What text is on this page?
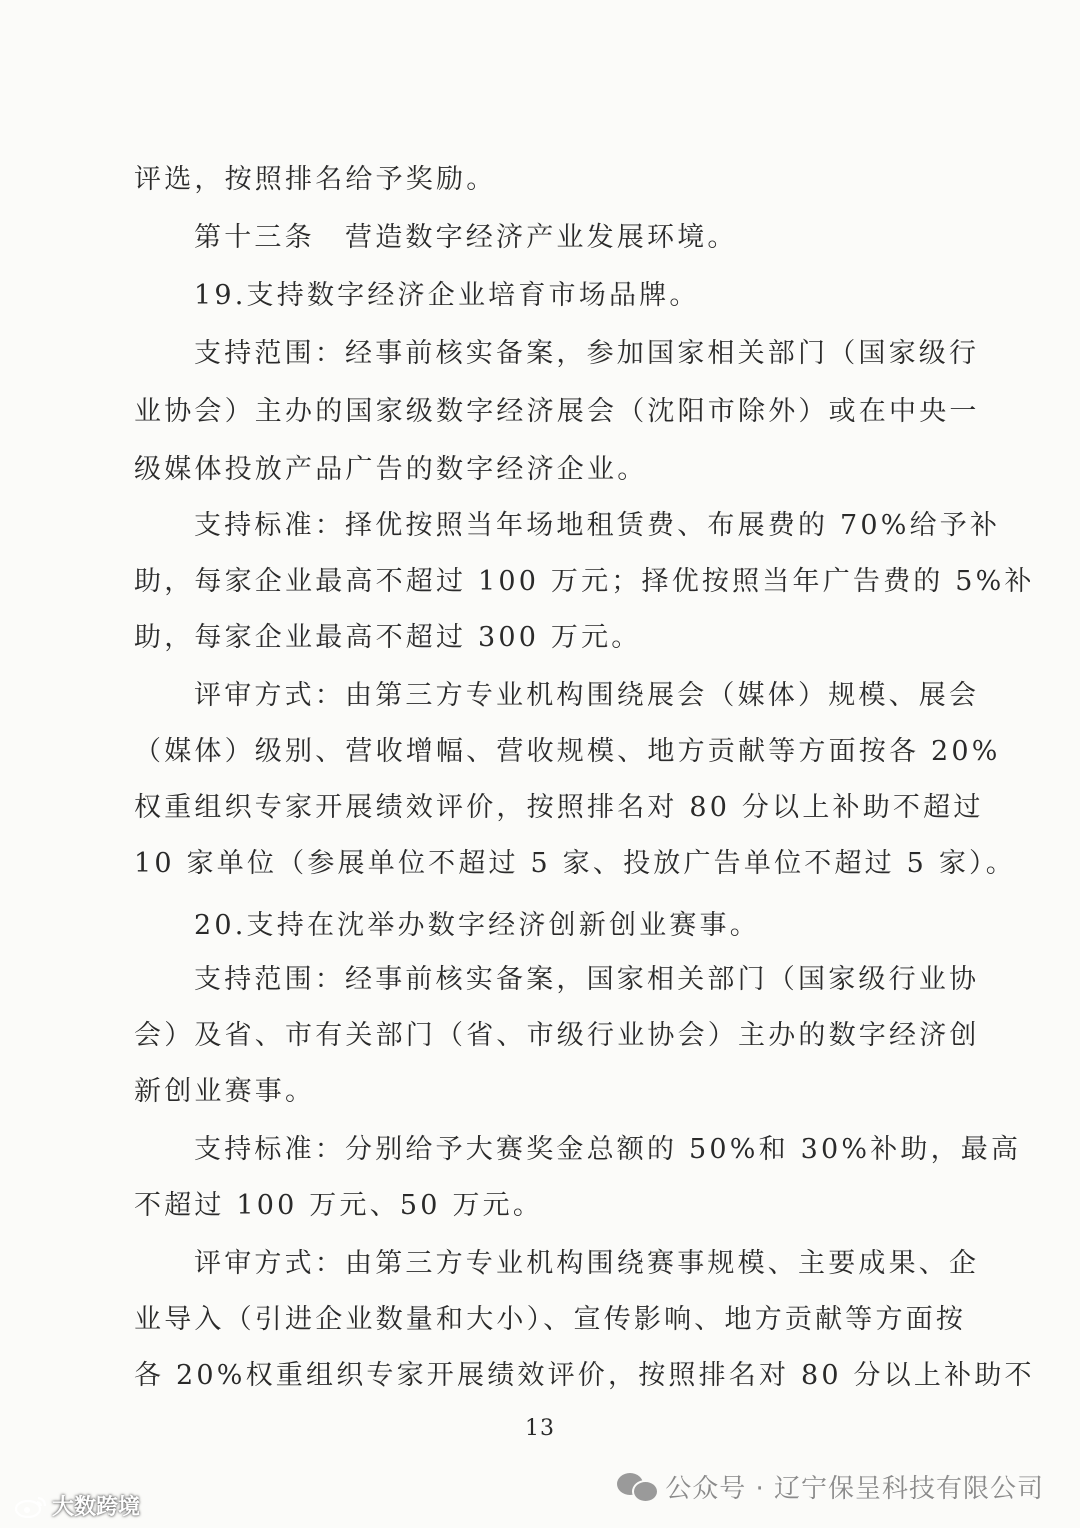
评选，按照排名给予奖励。
第十三条　营造数字经济产业发展环境。
19.支持数字经济企业培育市场品牌。
支持范围：经事前核实备案，参加国家相关部门（国家级行
业协会）主办的国家级数字经济展会（沈阳市除外）或在中央一
级媒体投放产品广告的数字经济企业。
支持标准：择优按照当年场地租赁费、布展费的 70%给予补
助，每家企业最高不超过 100 万元；择优按照当年广告费的 5%补
助，每家企业最高不超过 300 万元。
评审方式：由第三方专业机构围绕展会（媒体）规模、展会
（媒体）级别、营收增幅、营收规模、地方贡献等方面按各 20%
权重组织专家开展绩效评价，按照排名对 80 分以上补助不超过
10 家单位（参展单位不超过 5 家、投放广告单位不超过 5 家）。
20.支持在沈举办数字经济创新创业赛事。
支持范围：经事前核实备案，国家相关部门（国家级行业协
会）及省、市有关部门（省、市级行业协会）主办的数字经济创
新创业赛事。
支持标准：分别给予大赛奖金总额的 50%和 30%补助，最高
不超过 100 万元、50 万元。
评审方式：由第三方专业机构围绕赛事规模、主要成果、企
业导入（引进企业数量和大小）、宣传影响、地方贡献等方面按
各 20%权重组织专家开展绩效评价，按照排名对 80 分以上补助不
13
公众号 · 辽宁保呈科技有限公司
大数跨境
